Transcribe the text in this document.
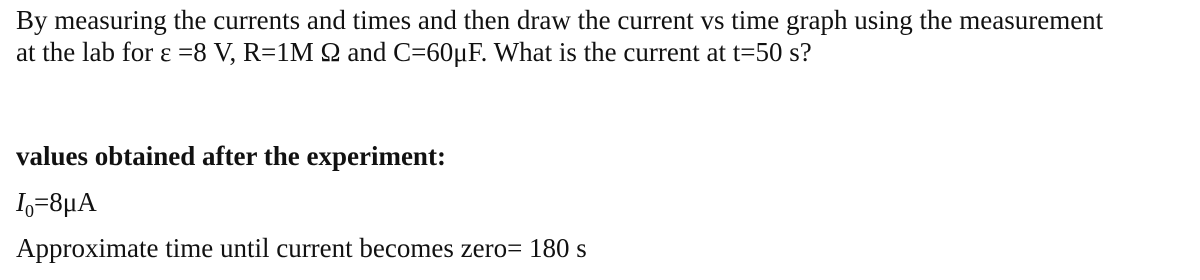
By measuring the currents and times and then draw the current vs time graph using the measurement
at the lab for ε =8 V, R=1M Ω and C=60μF. What is the current at t=50 s?
values obtained after the experiment:
$I_0=8\mu A$
Approximate time until current becomes zero= 180 s
